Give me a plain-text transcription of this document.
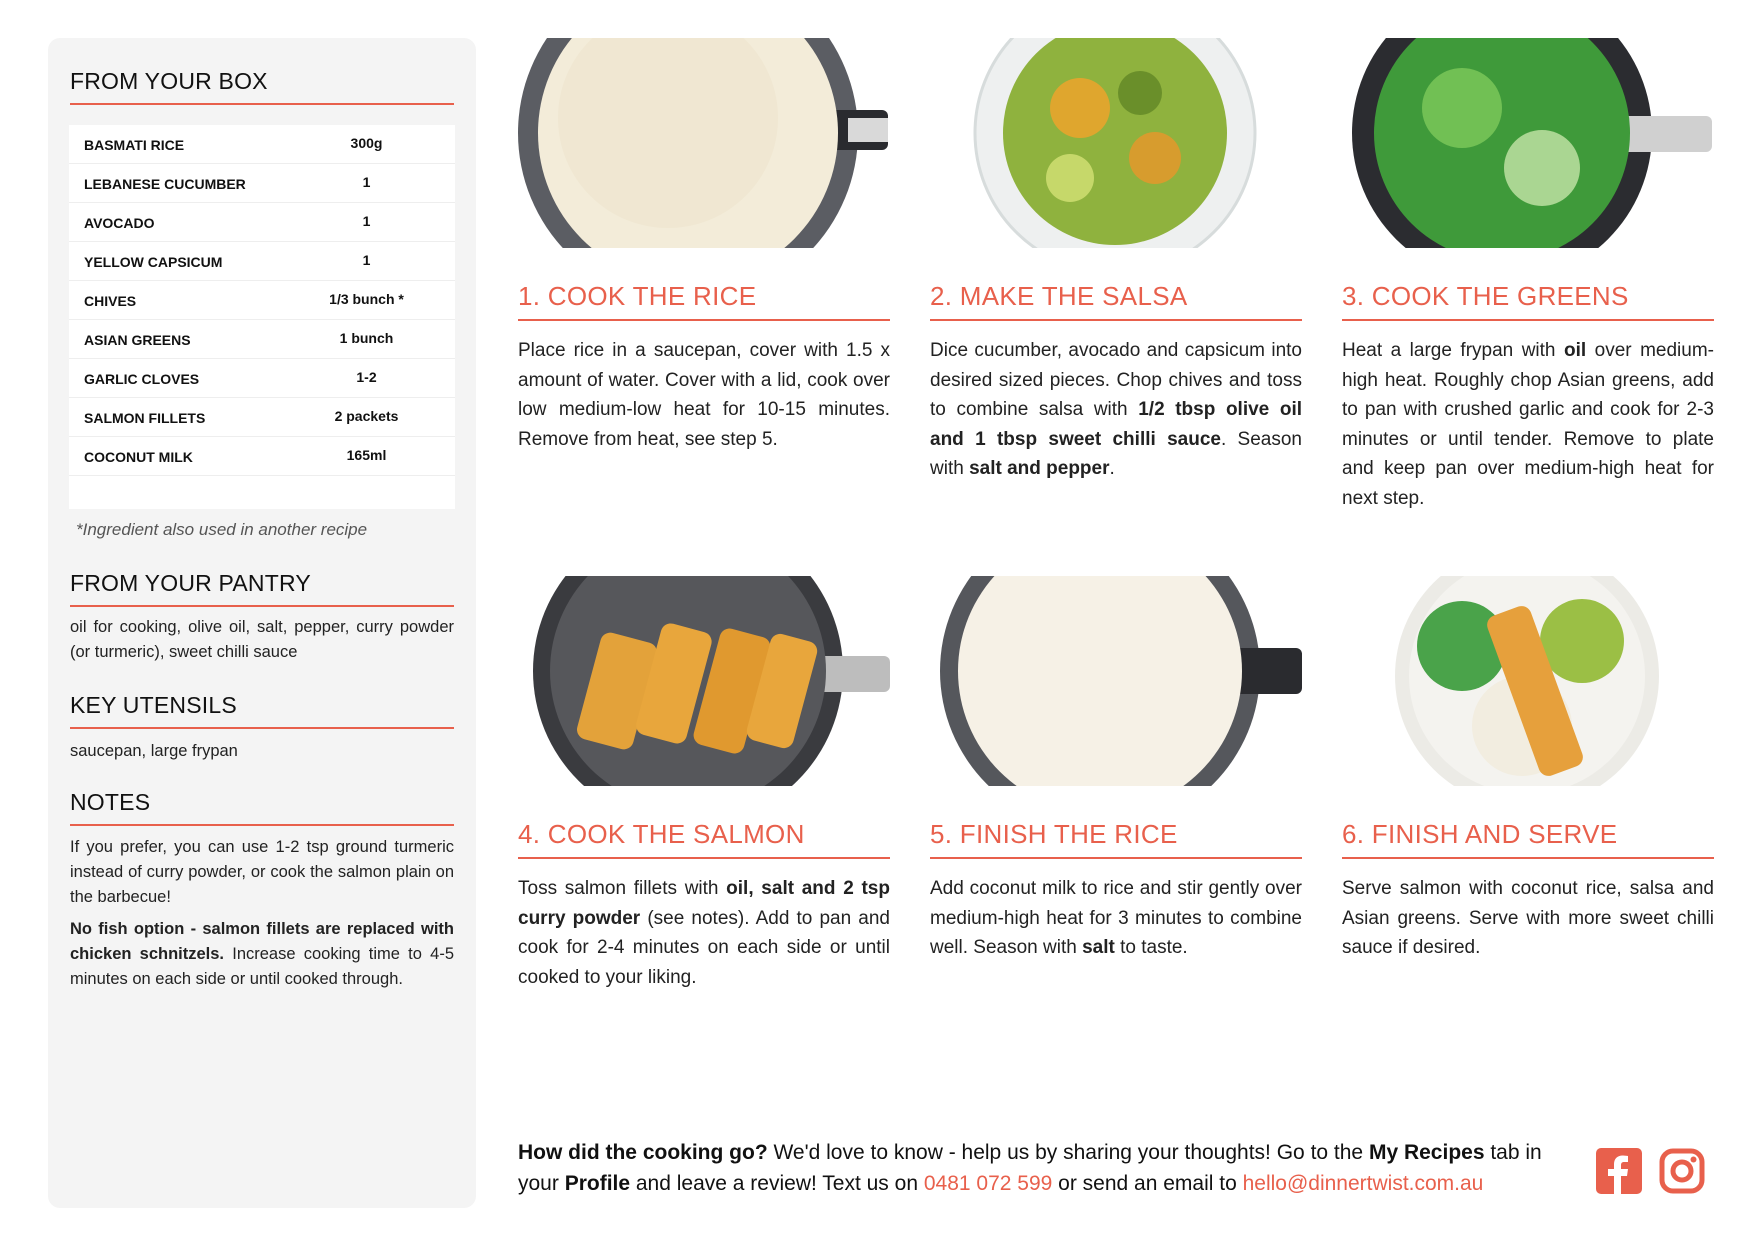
FROM YOUR BOX
BASMATI RICE	300g
LEBANESE CUCUMBER	1
AVOCADO	1
YELLOW CAPSICUM	1
CHIVES	1/3 bunch *
ASIAN GREENS	1 bunch
GARLIC CLOVES	1-2
SALMON FILLETS	2 packets
COCONUT MILK	165ml
*Ingredient also used in another recipe
FROM YOUR PANTRY
oil for cooking, olive oil, salt, pepper, curry powder (or turmeric), sweet chilli sauce
KEY UTENSILS
saucepan, large frypan
NOTES
If you prefer, you can use 1-2 tsp ground turmeric instead of curry powder, or cook the salmon plain on the barbecue!
No fish option - salmon fillets are replaced with chicken schnitzels. Increase cooking time to 4-5 minutes on each side or until cooked through.
1. COOK THE RICE
Place rice in a saucepan, cover with 1.5 x amount of water. Cover with a lid, cook over low medium-low heat for 10-15 minutes. Remove from heat, see step 5.
2. MAKE THE SALSA
Dice cucumber, avocado and capsicum into desired sized pieces. Chop chives and toss to combine salsa with 1/2 tbsp olive oil and 1 tbsp sweet chilli sauce. Season with salt and pepper.
3. COOK THE GREENS
Heat a large frypan with oil over medium-high heat. Roughly chop Asian greens, add to pan with crushed garlic and cook for 2-3 minutes or until tender. Remove to plate and keep pan over medium-high heat for next step.
4. COOK THE SALMON
Toss salmon fillets with oil, salt and 2 tsp curry powder (see notes). Add to pan and cook for 2-4 minutes on each side or until cooked to your liking.
5. FINISH THE RICE
Add coconut milk to rice and stir gently over medium-high heat for 3 minutes to combine well. Season with salt to taste.
6. FINISH AND SERVE
Serve salmon with coconut rice, salsa and Asian greens. Serve with more sweet chilli sauce if desired.
How did the cooking go? We'd love to know - help us by sharing your thoughts! Go to the My Recipes tab in your Profile and leave a review! Text us on 0481 072 599 or send an email to hello@dinnertwist.com.au
